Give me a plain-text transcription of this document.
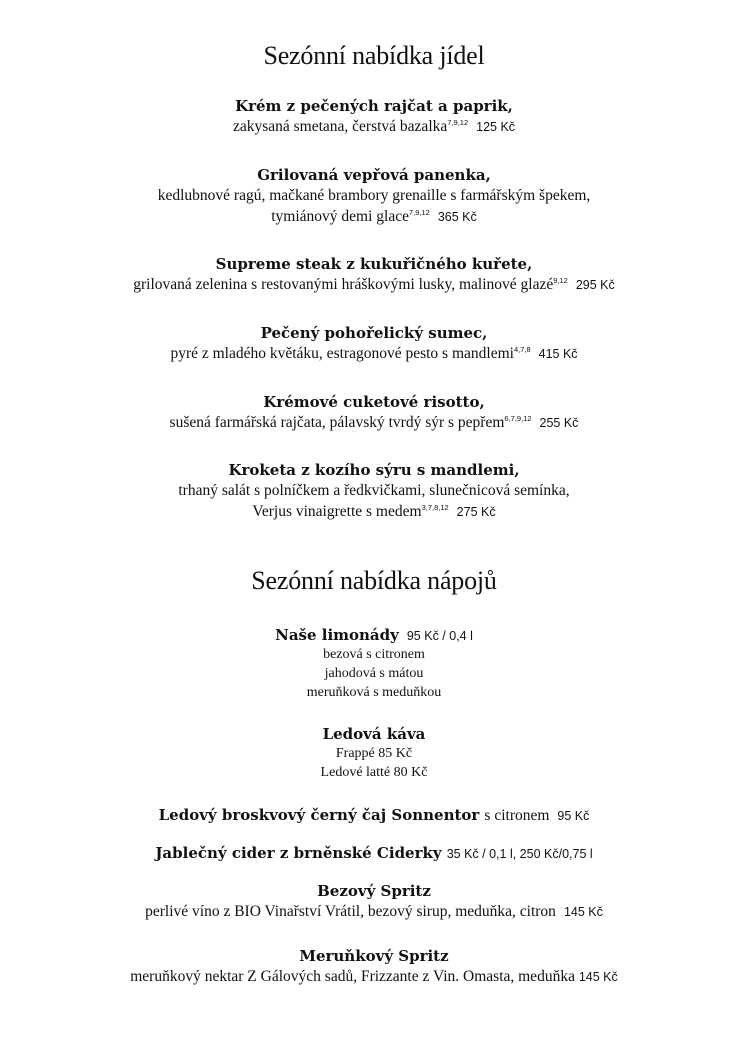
Sezónní nabídka jídel
Krém z pečených rajčat a paprik,
zakysaná smetana, čerstvá bazalka$^{7,9,12}$ 125 Kč
Grilovaná vepřová panenka,
kedlubnové ragú, mačkané brambory grenaille s farmářským špekem,
tymiánový demi glace$^{7,9,12}$ 365 Kč
Supreme steak z kukuřičného kuřete,
grilovaná zelenina s restovanými hráškovými lusky, malinové glazé$^{9,12}$ 295 Kč
Pečený pohořelický sumec,
pyré z mladého květáku, estragonové pesto s mandlemi$^{4,7,8}$ 415 Kč
Krémové cuketové risotto,
sušená farmářská rajčata, pálavský tvrdý sýr s pepřem$^{6,7,9,12}$ 255 Kč
Kroketa z kozího sýru s mandlemi,
trhaný salát s polníčkem a ředkvičkami, slunečnicová semínka,
Verjus vinaigrette s medem$^{3,7,8,12}$ 275 Kč
Sezónní nabídka nápojů
Naše limonády 95 Kč / 0,4 l
bezová s citronem
jahodová s mátou
meruňková s meduňkou
Ledová káva
Frappé 85 Kč
Ledové latté 80 Kč
Ledový broskvový černý čaj Sonnentor s citronem 95 Kč
Jablečný cider z brněnské Ciderky 35 Kč / 0,1 l, 250 Kč/0,75 l
Bezový Spritz
perlivé víno z BIO Vinařství Vrátil, bezový sirup, meduňka, citron 145 Kč
Meruňkový Spritz
meruňkový nektar Z Gálových sadů, Frizzante z Vin. Omasta, meduňka 145 Kč
